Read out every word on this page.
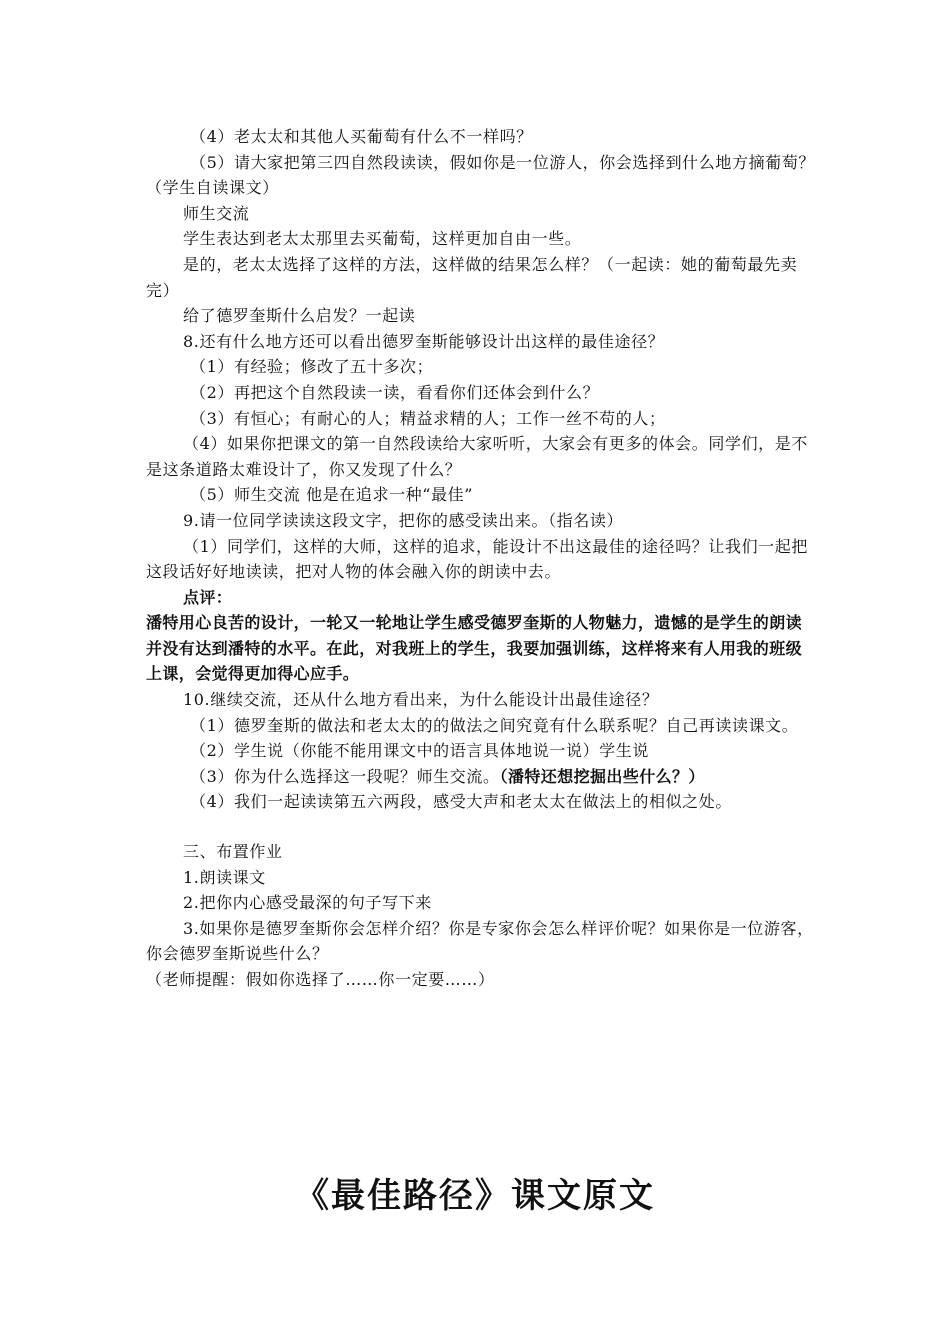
（4）老太太和其他人买葡萄有什么不一样吗？

（5）请大家把第三四自然段读读，假如你是一位游人，你会选择到什么地方摘葡萄？（学生自读课文）

师生交流

学生表达到老太太那里去买葡萄，这样更加自由一些。

是的，老太太选择了这样的方法，这样做的结果怎么样？（一起读：她的葡萄最先卖完）

给了德罗奎斯什么启发？一起读

8.还有什么地方还可以看出德罗奎斯能够设计出这样的最佳途径？

（1）有经验；修改了五十多次；

（2）再把这个自然段读一读，看看你们还体会到什么？

（3）有恒心；有耐心的人；精益求精的人；工作一丝不苟的人；

（4）如果你把课文的第一自然段读给大家听听，大家会有更多的体会。同学们，是不是这条道路太难设计了，你又发现了什么？

（5）师生交流 他是在追求一种“最佳”

9.请一位同学读读这段文字，把你的感受读出来。（指名读）

（1）同学们，这样的大师，这样的追求，能设计不出这最佳的途径吗？让我们一起把这段话好好地读读，把对人物的体会融入你的朗读中去。

点评：

潘特用心良苦的设计，一轮又一轮地让学生感受德罗奎斯的人物魅力，遗憾的是学生的朗读并没有达到潘特的水平。在此，对我班上的学生，我要加强训练，这样将来有人用我的班级上课，会觉得更加得心应手。

10.继续交流，还从什么地方看出来，为什么能设计出最佳途径？

（1）德罗奎斯的做法和老太太的的做法之间究竟有什么联系呢？自己再读读课文。

（2）学生说（你能不能用课文中的语言具体地说一说）学生说

（3）你为什么选择这一段呢？师生交流。（潘特还想挖掘出些什么？）

（4）我们一起读读第五六两段，感受大声和老太太在做法上的相似之处。

三、布置作业

1.朗读课文

2.把你内心感受最深的句子写下来

3.如果你是德罗奎斯你会怎样介绍？你是专家你会怎么样评价呢？如果你是一位游客，你会德罗奎斯说些什么？

（老师提醒：假如你选择了……你一定要……）

《最佳路径》课文原文
